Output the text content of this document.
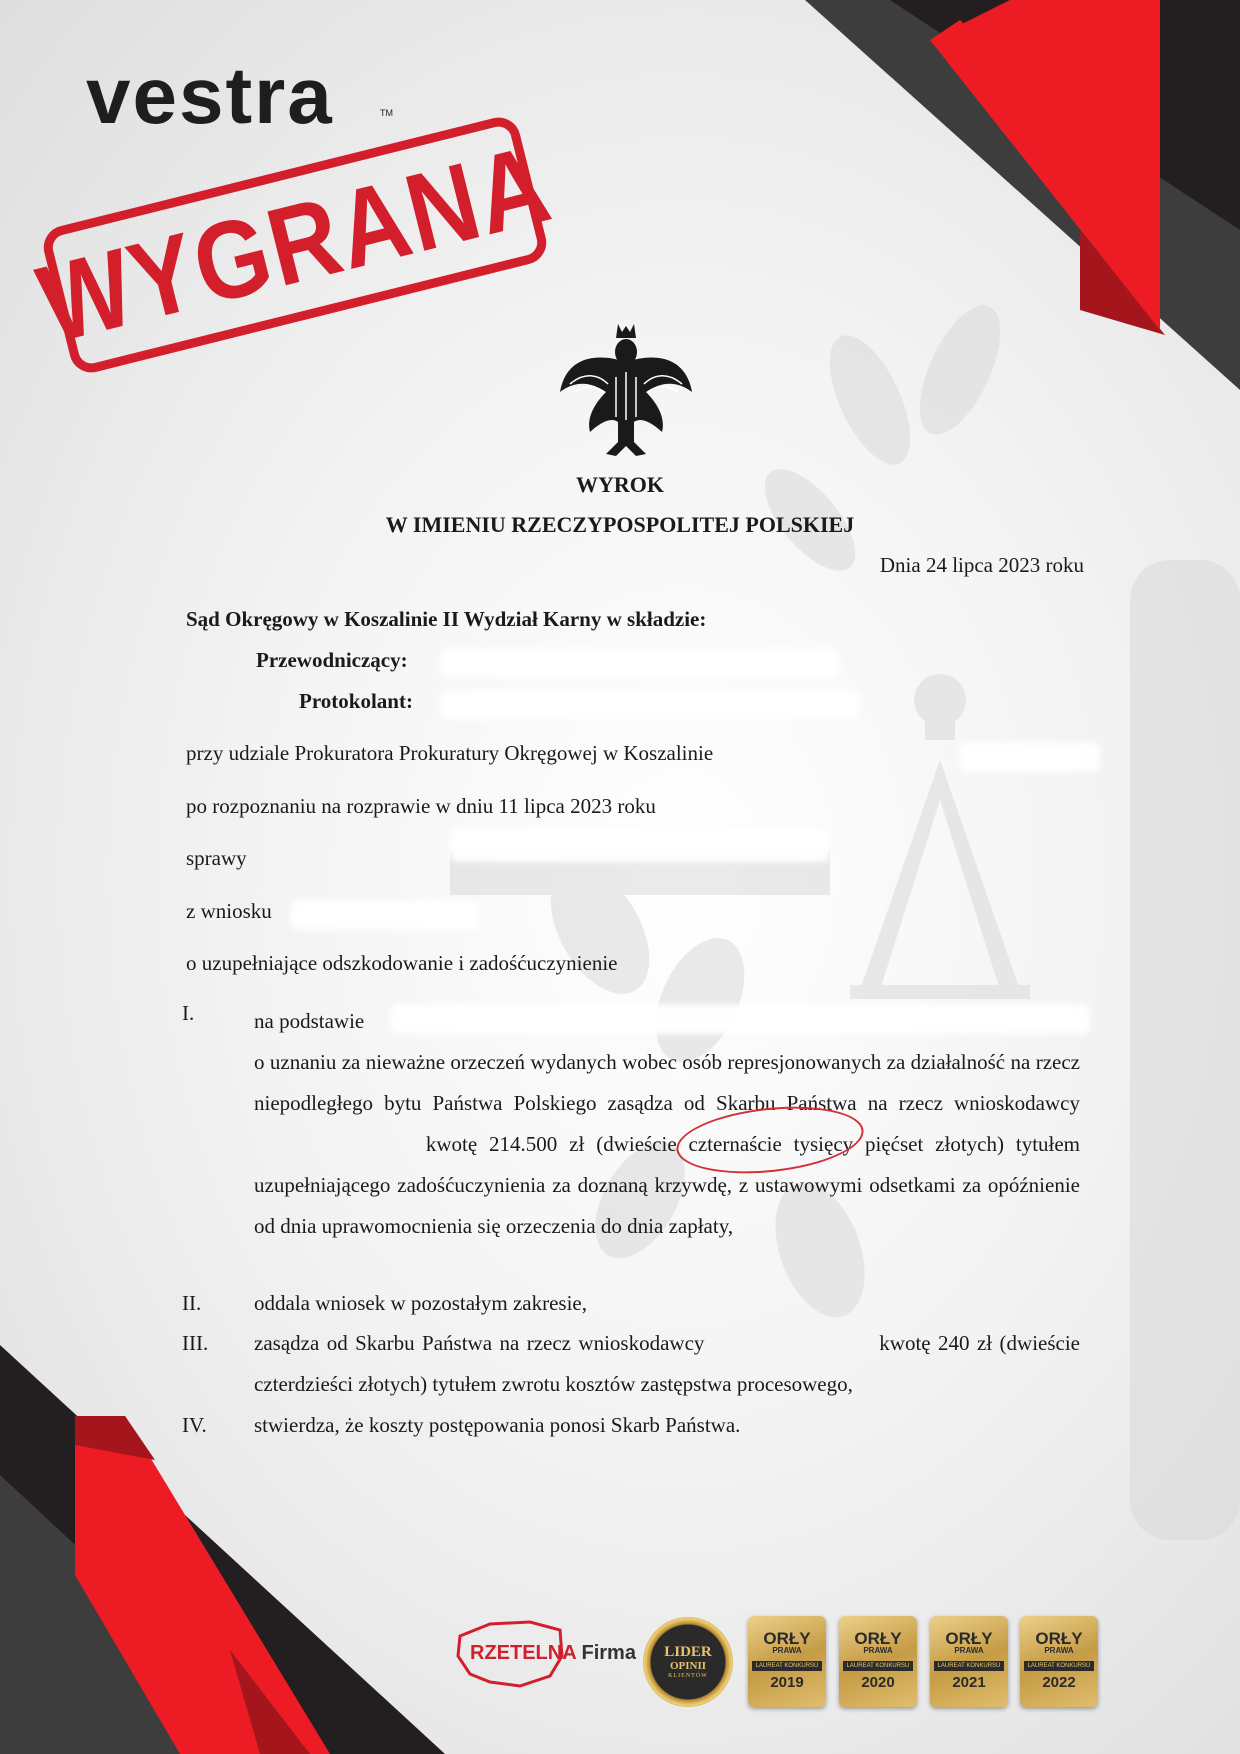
vestra	TM
WYGRANA
WYROK
W IMIENIU RZECZYPOSPOLITEJ POLSKIEJ
Dnia 24 lipca 2023 roku
Sąd Okręgowy w Koszalinie II Wydział Karny w składzie:
Przewodniczący:
Protokolant:
przy udziale Prokuratora Prokuratury Okręgowej w Koszalinie
po rozpoznaniu na rozprawie w dniu 11 lipca 2023 roku
sprawy
z wniosku
o uzupełniające odszkodowanie i zadośćuczynienie
I.	na podstawie
o uznaniu za nieważne orzeczeń wydanych wobec osób represjonowanych za działalność na rzecz niepodległego bytu Państwa Polskiego zasądza od Skarbu Państwa na rzecz wnioskodawcy  kwotę 214.500 zł (dwieście czternaście tysięcy pięćset złotych) tytułem uzupełniającego zadośćuczynienia za doznaną krzywdę, z ustawowymi odsetkami za opóźnienie od dnia uprawomocnienia się orzeczenia do dnia zapłaty,
II.	oddala wniosek w pozostałym zakresie,
III. zasądza od Skarbu Państwa na rzecz wnioskodawcy	kwotę 240 zł (dwieście czterdzieści złotych) tytułem zwrotu kosztów zastępstwa procesowego,
IV. stwierdza, że koszty postępowania ponosi Skarb Państwa.
RZETELNA Firma LIDER
OPINII
KLIENTÓW
ORŁY
PRAWA
LAUREAT KONKURSU
2019
ORŁY
PRAWA
LAUREAT KONKURSU
2020
ORŁY
PRAWA
LAUREAT KONKURSU
2021
ORŁY
PRAWA
LAUREAT KONKURSU
2022
